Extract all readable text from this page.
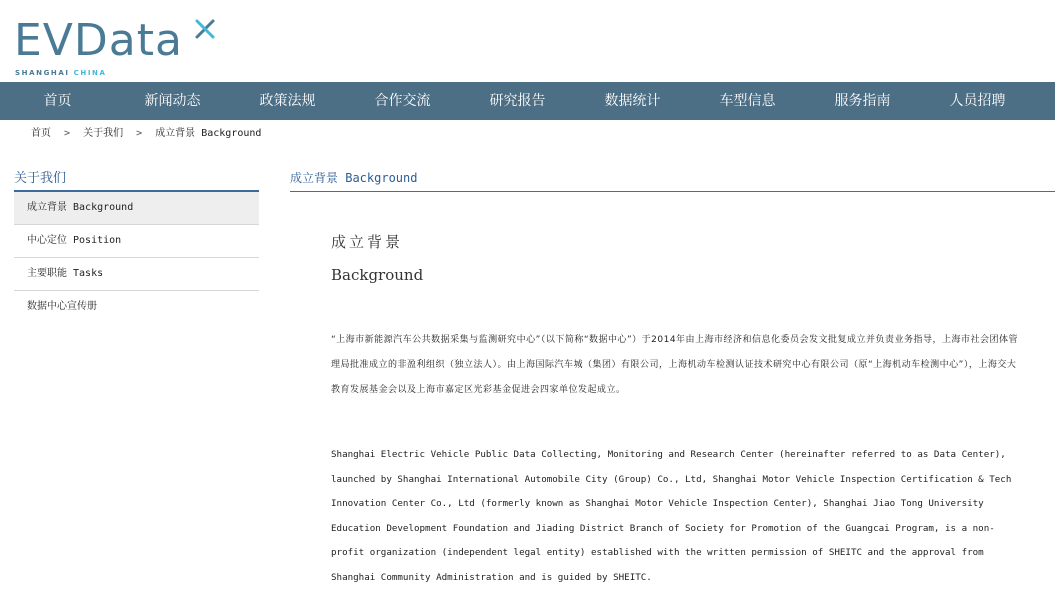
EVData
SHANGHAI CHINA
首页	新闻动态	政策法规	合作交流	研究报告	数据统计	车型信息	服务指南	人员招聘
首页 > 关于我们 > 成立背景 Background
关于我们
成立背景 Background
中心定位 Position
主要职能 Tasks
数据中心宣传册
成立背景 Background
成立背景
Background
“上海市新能源汽车公共数据采集与监测研究中心”（以下简称“数据中心”）于2014年由上海市经济和信息化委员会发文批复成立并负责业务指导，上海市社会团体管理局批准成立的非盈利组织（独立法人）。由上海国际汽车城（集团）有限公司，上海机动车检测认证技术研究中心有限公司（原“上海机动车检测中心”），上海交大教育发展基金会以及上海市嘉定区光彩基金促进会四家单位发起成立。
Shanghai Electric Vehicle Public Data Collecting, Monitoring and Research Center (hereinafter referred to as Data Center), launched by Shanghai International Automobile City (Group) Co., Ltd, Shanghai Motor Vehicle Inspection Certification & Tech Innovation Center Co., Ltd (formerly known as Shanghai Motor Vehicle Inspection Center), Shanghai Jiao Tong University Education Development Foundation and Jiading District Branch of Society for Promotion of the Guangcai Program, is a non-profit organization (independent legal entity) established with the written permission of SHEITC and the approval from Shanghai Community Administration and is guided by SHEITC.
